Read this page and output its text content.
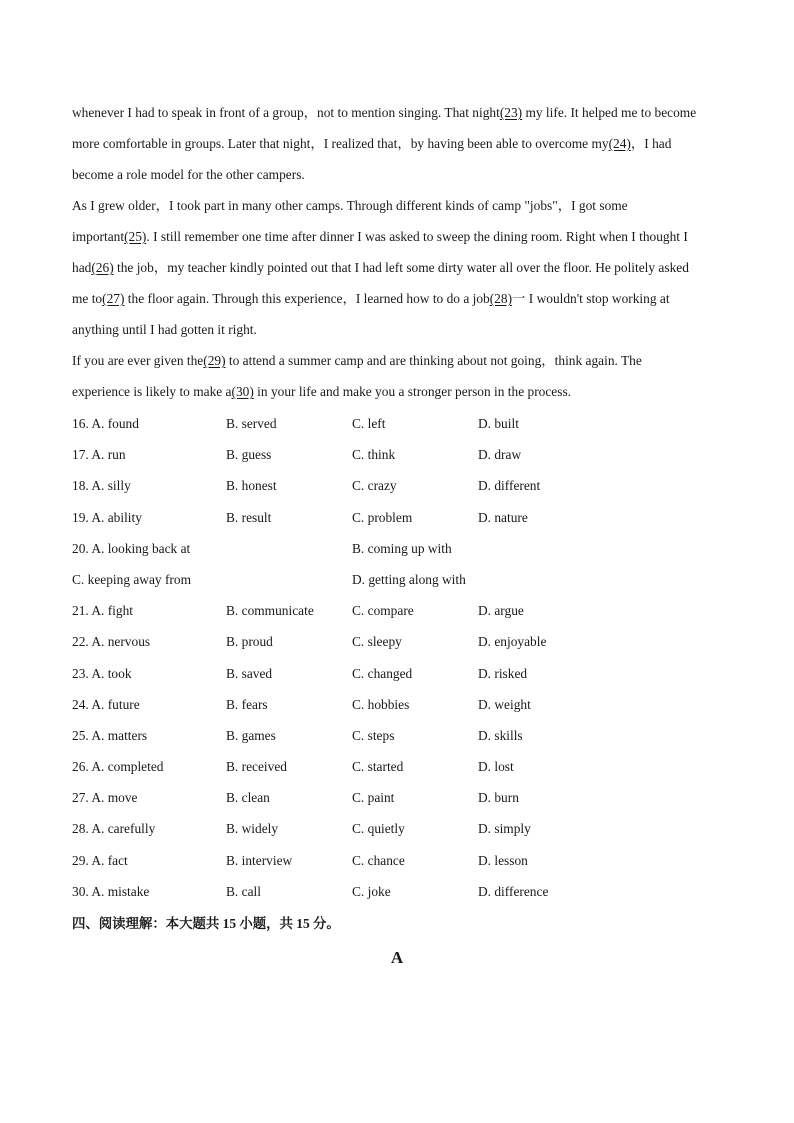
whenever I had to speak in front of a group，not to mention singing. That night(23) my life. It helped me to become
more comfortable in groups. Later that night，I realized that，by having been able to overcome my(24)，I had
become a role model for the other campers.
As I grew older，I took part in many other camps. Through different kinds of camp "jobs"，I got some
important(25). I still remember one time after dinner I was asked to sweep the dining room. Right when I thought I
had(26) the job，my teacher kindly pointed out that I had left some dirty water all over the floor. He politely asked
me to(27) the floor again. Through this experience，I learned how to do a job(28)一 I wouldn't stop working at
anything until I had gotten it right.
If you are ever given the(29) to attend a summer camp and are thinking about not going，think again. The
experience is likely to make a(30) in your life and make you a stronger person in the process.
16. A. found	B. served	C. left	D. built
17. A. run	B. guess	C. think	D. draw
18. A. silly	B. honest	C. crazy	D. different
19. A. ability	B. result	C. problem	D. nature
20. A. looking back at	B. coming up with
C. keeping away from	D. getting along with
21. A. fight	B. communicate	C. compare	D. argue
22. A. nervous	B. proud	C. sleepy	D. enjoyable
23. A. took	B. saved	C. changed	D. risked
24. A. future	B. fears	C. hobbies	D. weight
25. A. matters	B. games	C. steps	D. skills
26. A. completed	B. received	C. started	D. lost
27. A. move	B. clean	C. paint	D. burn
28. A. carefully	B. widely	C. quietly	D. simply
29. A. fact	B. interview	C. chance	D. lesson
30. A. mistake	B. call	C. joke	D. difference
四、阅读理解：本大题共 15 小题，共 15 分。
A
